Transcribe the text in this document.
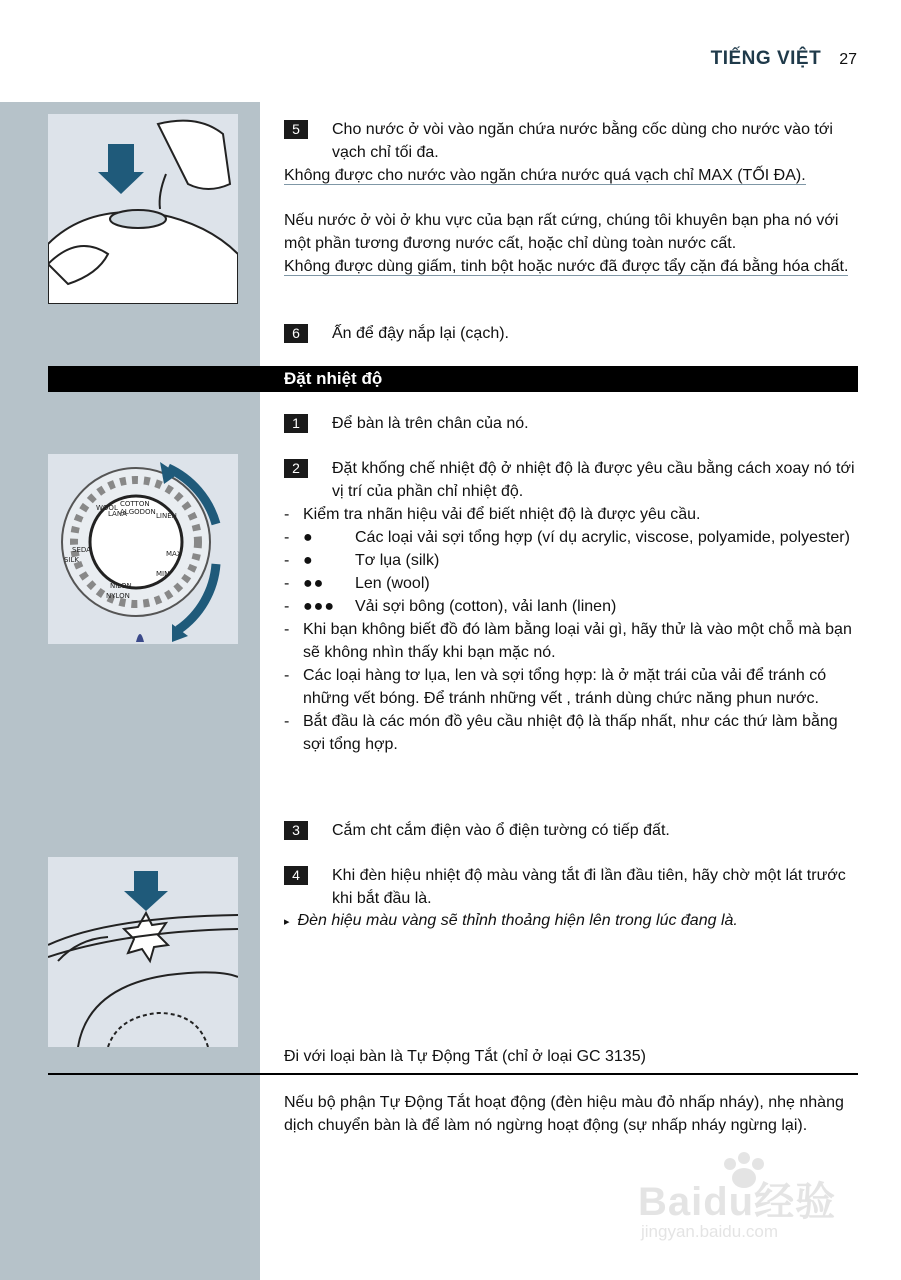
TIẾNG VIỆT 27
5	Cho nước ở vòi vào ngăn chứa nước bằng cốc dùng cho nước vào tới vạch chỉ tối đa.
Không được cho nước vào ngăn chứa nước quá vạch chỉ MAX (TỐI ĐA).
Nếu nước ở vòi ở khu vực của bạn rất cứng, chúng tôi khuyên bạn pha nó với một phần tương đương nước cất, hoặc chỉ dùng toàn nước cất.
Không được dùng giấm, tinh bột hoặc nước đã được tẩy cặn đá bằng hóa chất.
6	Ấn để đậy nắp lại (cạch).
Đặt nhiệt độ
1	Để bàn là trên chân của nó.
COTTON
ALGODON
LANA
WOOL
LINEN
SEDA
SILK
NILON
NYLON
MAX
MIN
2	Đặt khống chế nhiệt độ ở nhiệt độ là được yêu cầu bằng cách xoay nó tới vị trí của phần chỉ nhiệt độ.
- Kiểm tra nhãn hiệu vải để biết nhiệt độ là được yêu cầu.
- ●	Các loại vải sợi tổng hợp (ví dụ acrylic, viscose, polyamide, polyester)
- ●	Tơ lụa (silk)
- ●● Len (wool)
- ●●● Vải sợi bông (cotton), vải lanh (linen)
- Khi bạn không biết đồ đó làm bằng loại vải gì, hãy thử là vào một chỗ mà bạn sẽ không nhìn thấy khi bạn mặc nó.
- Các loại hàng tơ lụa, len và sợi tổng hợp: là ở mặt trái của vải để tránh có những vết bóng. Để tránh những vết , tránh dùng chức năng phun nước.
- Bắt đầu là các món đồ yêu cầu nhiệt độ là thấp nhất, như các thứ làm bằng sợi tổng hợp.
3	Cắm cht cắm điện vào ổ điện tường có tiếp đất.
4	Khi đèn hiệu nhiệt độ màu vàng tắt đi lần đầu tiên, hãy chờ một lát trước khi bắt đầu là.
▸ Đèn hiệu màu vàng sẽ thỉnh thoảng hiện lên trong lúc đang là.
Đi với loại bàn là Tự Động Tắt (chỉ ở loại GC 3135)
Nếu bộ phận Tự Động Tắt hoạt động (đèn hiệu màu đỏ nhấp nháy), nhẹ nhàng dịch chuyển bàn là để làm nó ngừng hoạt động (sự nhấp nháy ngừng lại).
Baidu经验
jingyan.baidu.com
